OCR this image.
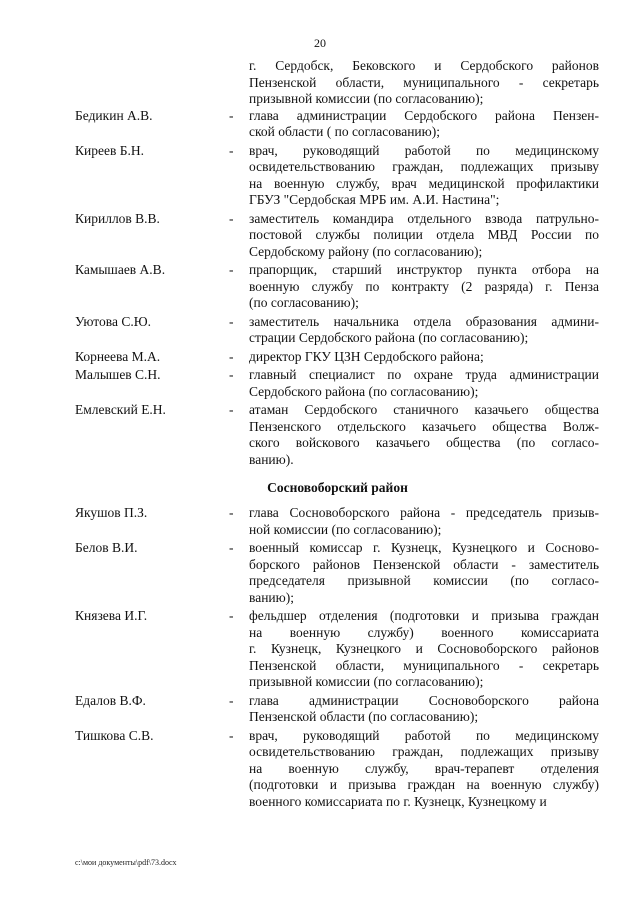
20
г. Сердобск, Бековского и Сердобского районов
Пензенской области, муниципального - секретарь
призывной комиссии (по согласованию);
Бедикин А.В.	- глава администрации Сердобского района Пензен-
ской области ( по согласованию);
Киреев Б.Н.	- врач, руководящий работой по медицинскому
освидетельствованию граждан, подлежащих призыву
на военную службу, врач медицинской профилактики
ГБУЗ "Сердобская МРБ им. А.И. Настина";
Кириллов В.В.	- заместитель командира отдельного взвода патрульно-
постовой службы полиции отдела МВД России по
Сердобскому району (по согласованию);
Камышаев А.В.	- прапорщик, старший инструктор пункта отбора на
военную службу по контракту (2 разряда) г. Пенза
(по согласованию);
Уютова С.Ю.	- заместитель начальника отдела образования админи-
страции Сердобского района (по согласованию);
Корнеева М.А.	- директор ГКУ ЦЗН Сердобского района;
Малышев С.Н.	- главный специалист по охране труда администрации
Сердобского района (по согласованию);
Емлевский Е.Н.	- атаман Сердобского станичного казачьего общества
Пензенского отдельского казачьего общества Волж-
ского войскового казачьего общества (по согласо-
ванию).
Сосновоборский район
Якушов П.З.	- глава Сосновоборского района - председатель призыв-
ной комиссии (по согласованию);
Белов В.И.	- военный комиссар г. Кузнецк, Кузнецкого и Сосново-
борского районов Пензенской области - заместитель
председателя призывной комиссии (по согласо-
ванию);
Князева И.Г.	- фельдшер отделения (подготовки и призыва граждан
на военную службу) военного комиссариата
г. Кузнецк, Кузнецкого и Сосновоборского районов
Пензенской области, муниципального - секретарь
призывной комиссии (по согласованию);
Едалов В.Ф.	- глава администрации Сосновоборского района
Пензенской области (по согласованию);
Тишкова С.В.	- врач, руководящий работой по медицинскому
освидетельствованию граждан, подлежащих призыву
на военную службу, врач-терапевт отделения
(подготовки и призыва граждан на военную службу)
военного комиссариата по г. Кузнецк, Кузнецкому и
c:\мои документы\pdf\73.docx
